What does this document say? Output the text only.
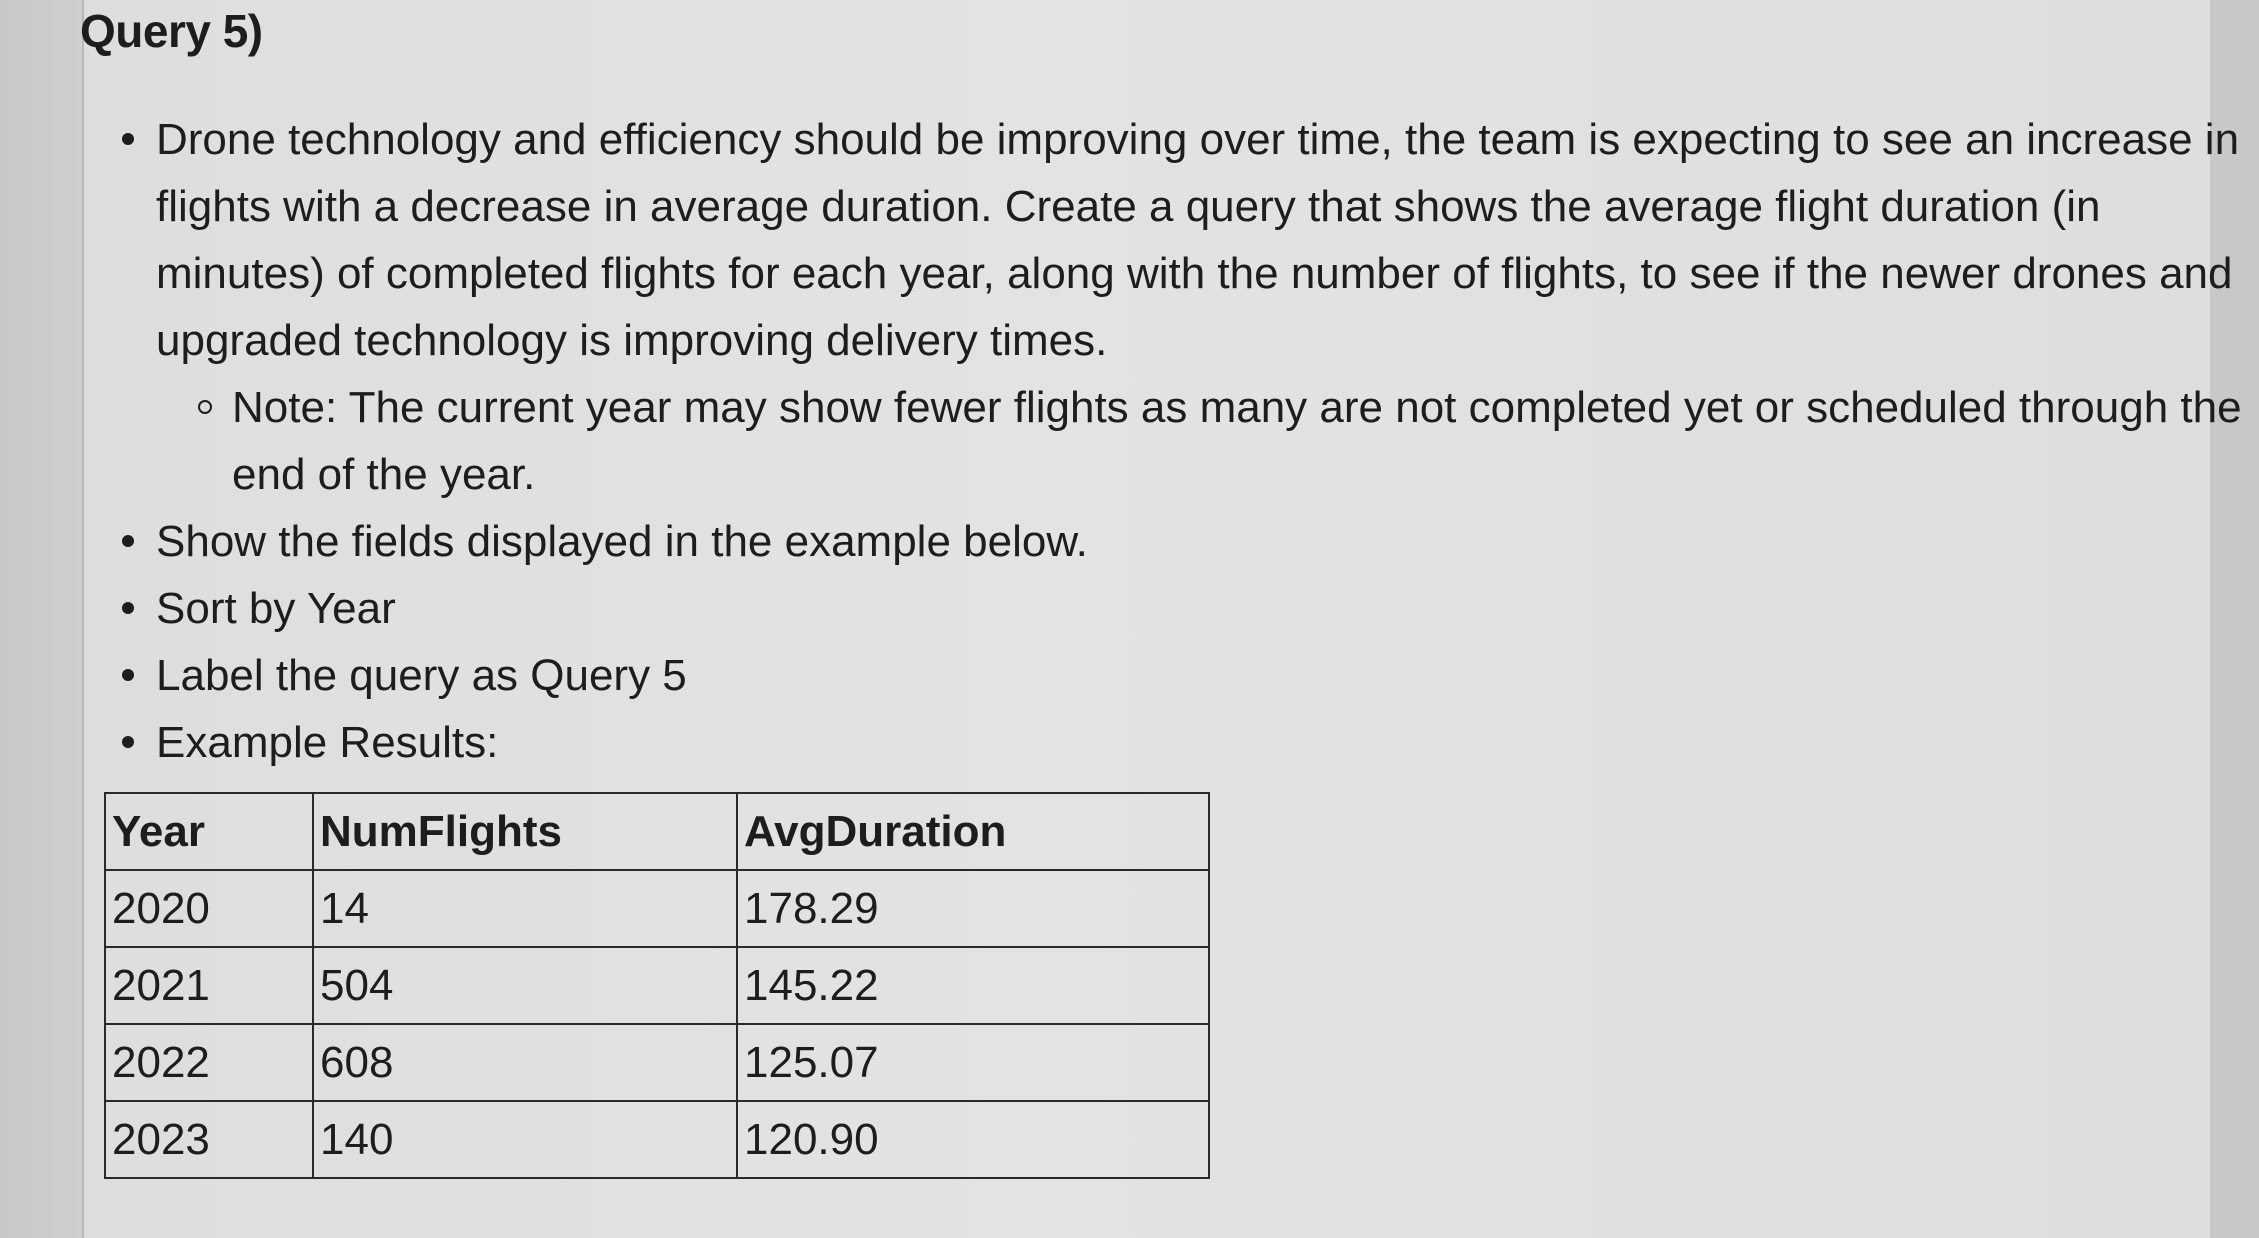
Query 5)
Drone technology and efficiency should be improving over time, the team is expecting to see an increase in flights with a decrease in average duration. Create a query that shows the average flight duration (in minutes) of completed flights for each year, along with the number of flights, to see if the newer drones and upgraded technology is improving delivery times.
Note: The current year may show fewer flights as many are not completed yet or scheduled through the end of the year.
Show the fields displayed in the example below.
Sort by Year
Label the query as Query 5
Example Results:
Year	NumFlights	AvgDuration
2020	14	178.29
2021	504	145.22
2022	608	125.07
2023	140	120.90
